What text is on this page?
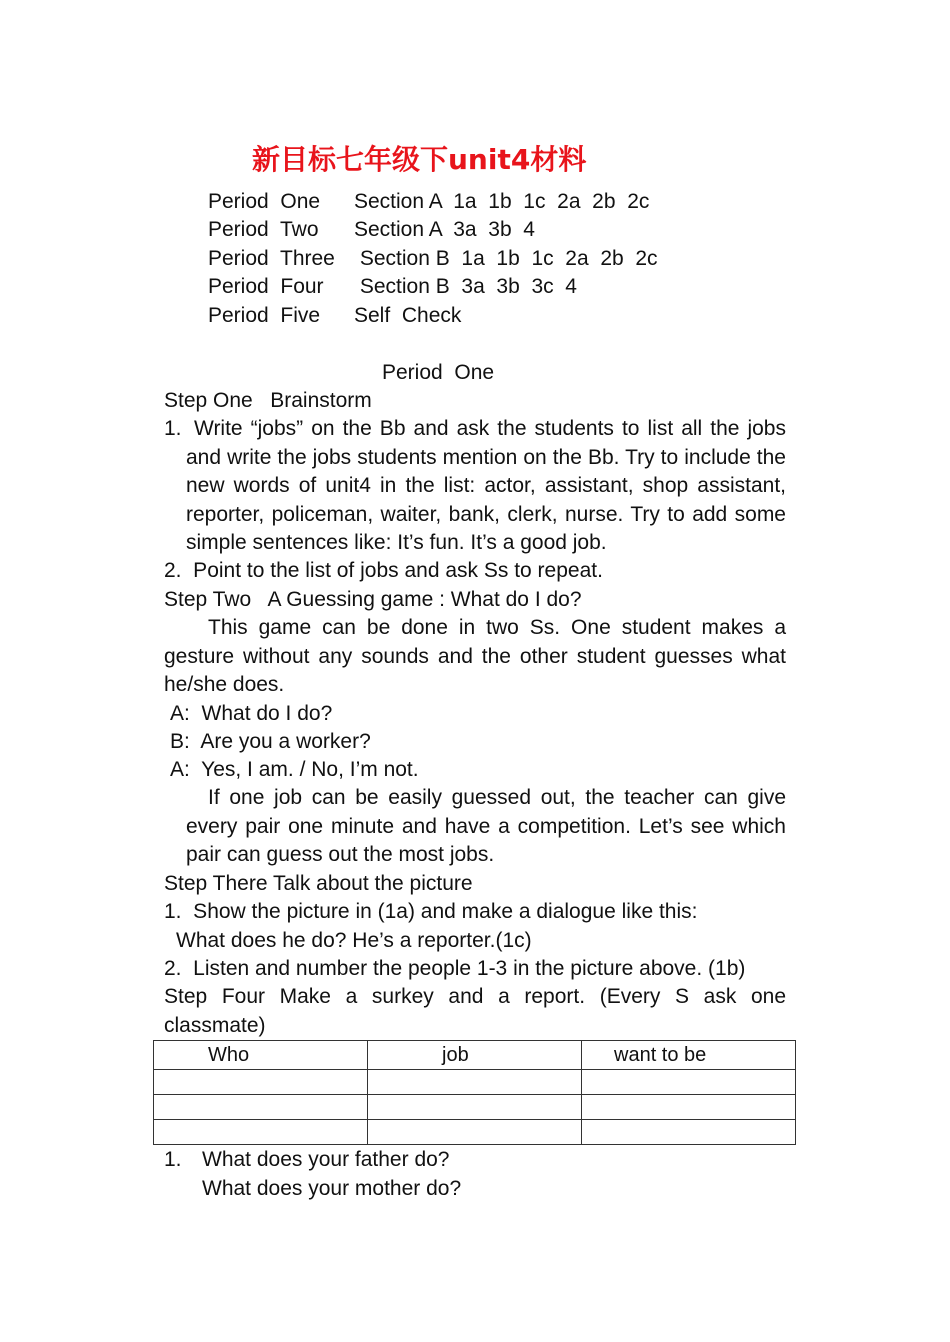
新目标七年级下unit4材料
Period  One Section A  1a  1b  1c  2a  2b  2c
Period  Two Section A  3a  3b  4
Period  Three Section B  1a  1b  1c  2a  2b  2c
Period  Four Section B  3a  3b  3c  4
Period  Five Self  Check
Period  One
Step One   Brainstorm
1. Write “jobs” on the Bb and ask the students to list all the jobs and write the jobs students mention on the Bb. Try to include the new words of unit4 in the list: actor, assistant, shop assistant, reporter, policeman, waiter, bank, clerk, nurse. Try to add some simple sentences like: It’s fun. It’s a good job.
2.  Point to the list of jobs and ask Ss to repeat.
Step Two   A Guessing game : What do I do?
This game can be done in two Ss. One student makes a gesture without any sounds and the other student guesses what he/she does.
A:  What do I do?
B:  Are you a worker?
A:  Yes, I am. / No, I’m not.
If one job can be easily guessed out, the teacher can give every pair one minute and have a competition. Let’s see which pair can guess out the most jobs.
Step There Talk about the picture
1.  Show the picture in (1a) and make a dialogue like this:
What does he do? He’s a reporter.(1c)
2.  Listen and number the people 1-3 in the picture above. (1b)
Step Four Make a surkey and a report. (Every S ask one classmate)
Who	job	want to be

1. What does your father do?
What does your mother do?
